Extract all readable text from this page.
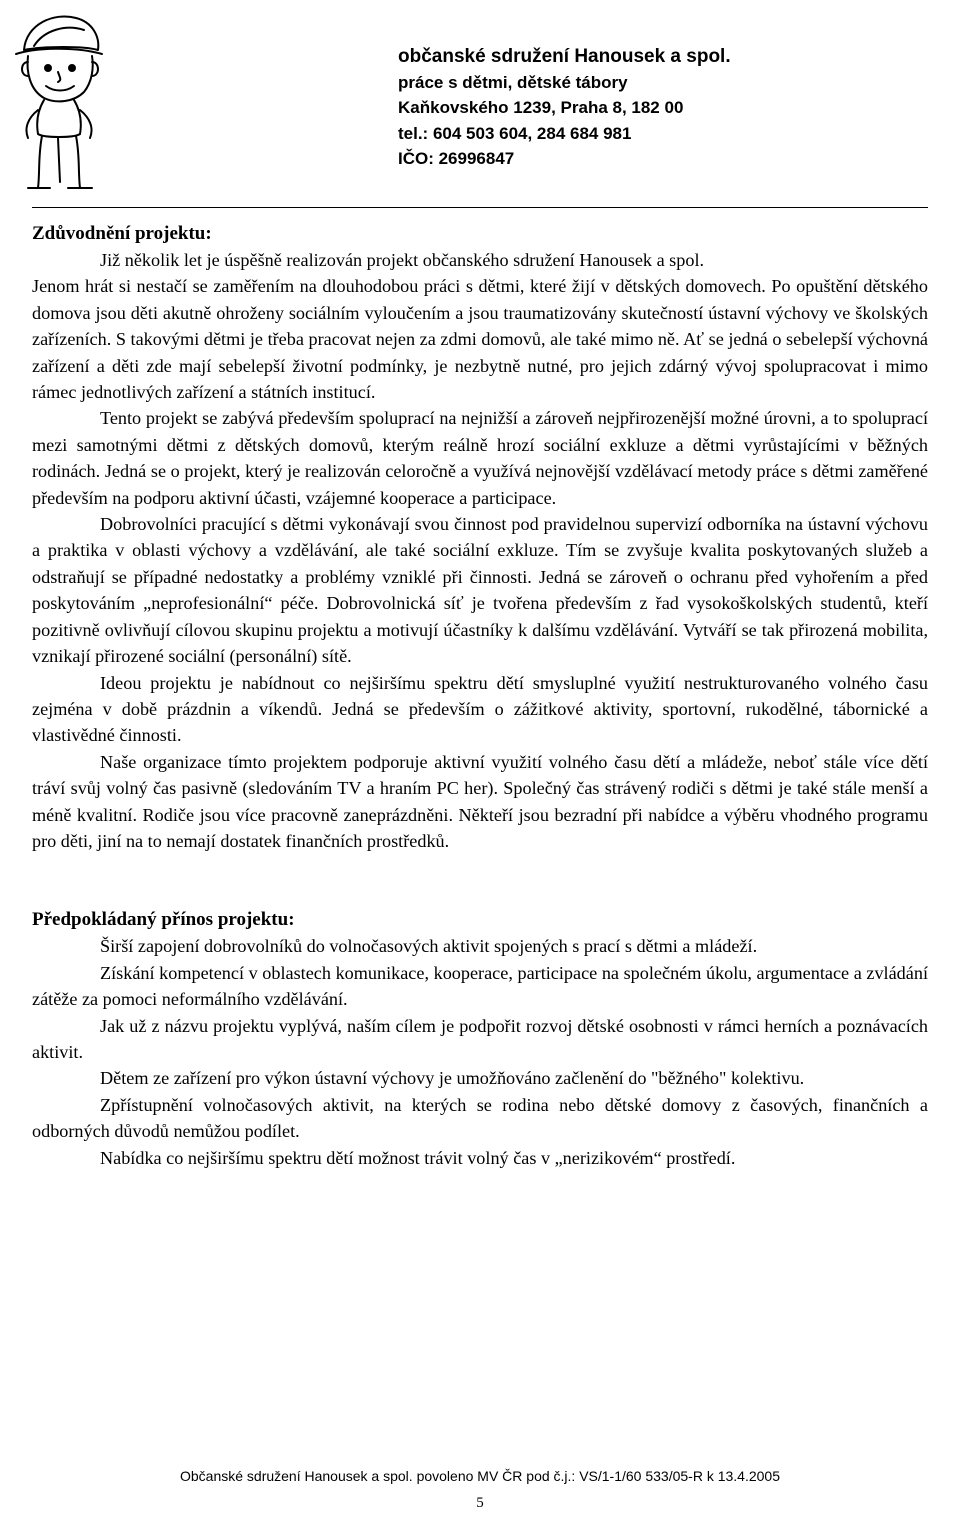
občanské sdružení Hanousek a spol.
práce s dětmi, dětské tábory
Kaňkovského 1239, Praha 8, 182 00
tel.: 604 503 604, 284 684 981
IČO: 26996847
Zdůvodnění projektu:

Již několik let je úspěšně realizován projekt občanského sdružení Hanousek a spol.

Jenom hrát si nestačí se zaměřením na dlouhodobou práci s dětmi, které žijí v dětských domovech. Po opuštění dětského domova jsou děti akutně ohroženy sociálním vyloučením a jsou traumatizovány skutečností ústavní výchovy ve školských zařízeních. S takovými dětmi je třeba pracovat nejen za zdmi domovů, ale také mimo ně. Ať se jedná o sebelepší výchovná zařízení a děti zde mají sebelepší životní podmínky, je nezbytně nutné, pro jejich zdárný vývoj spolupracovat i mimo rámec jednotlivých zařízení a státních institucí.

Tento projekt se zabývá především spoluprací na nejnižší a zároveň nejpřirozenější možné úrovni, a to spoluprací mezi samotnými dětmi z dětských domovů, kterým reálně hrozí sociální exkluze a dětmi vyrůstajícími v běžných rodinách. Jedná se o projekt, který je realizován celoročně a využívá nejnovější vzdělávací metody práce s dětmi zaměřené především na podporu aktivní účasti, vzájemné kooperace a participace.

Dobrovolníci pracující s dětmi vykonávají svou činnost pod pravidelnou supervizí odborníka na ústavní výchovu a praktika v oblasti výchovy a vzdělávání, ale také sociální exkluze. Tím se zvyšuje kvalita poskytovaných služeb a odstraňují se případné nedostatky a problémy vzniklé při činnosti. Jedná se zároveň o ochranu před vyhořením a před poskytováním „neprofesionální“ péče. Dobrovolnická síť je tvořena především z řad vysokoškolských studentů, kteří pozitivně ovlivňují cílovou skupinu projektu a motivují účastníky k dalšímu vzdělávání. Vytváří se tak přirozená mobilita, vznikají přirozené sociální (personální) sítě.

Ideou projektu je nabídnout co nejširšímu spektru dětí smysluplné využití nestrukturovaného volného času zejména v době prázdnin a víkendů. Jedná se především o zážitkové aktivity, sportovní, rukodělné, tábornické a vlastivědné činnosti.

Naše organizace tímto projektem podporuje aktivní využití volného času dětí a mládeže, neboť stále více dětí tráví svůj volný čas pasivně (sledováním TV a hraním PC her). Společný čas strávený rodiči s dětmi je také stále menší a méně kvalitní. Rodiče jsou více pracovně zaneprázdněni. Někteří jsou bezradní při nabídce a výběru vhodného programu pro děti, jiní na to nemají dostatek finančních prostředků.

Předpokládaný přínos projektu:

Širší zapojení dobrovolníků do volnočasových aktivit spojených s prací s dětmi a mládeží.

Získání kompetencí v oblastech komunikace, kooperace, participace na společném úkolu, argumentace a zvládání zátěže za pomoci neformálního vzdělávání.

Jak už z názvu projektu vyplývá, naším cílem je podpořit rozvoj dětské osobnosti v rámci herních a poznávacích aktivit.

Dětem ze zařízení pro výkon ústavní výchovy je umožňováno začlenění do "běžného" kolektivu.

Zpřístupnění volnočasových aktivit, na kterých se rodina nebo dětské domovy z časových, finančních a odborných důvodů nemůžou podílet.

Nabídka co nejširšímu spektru dětí možnost trávit volný čas v „nerizikovém“ prostředí.

Občanské sdružení Hanousek a spol. povoleno MV ČR pod č.j.: VS/1-1/60 533/05-R k 13.4.2005
5
